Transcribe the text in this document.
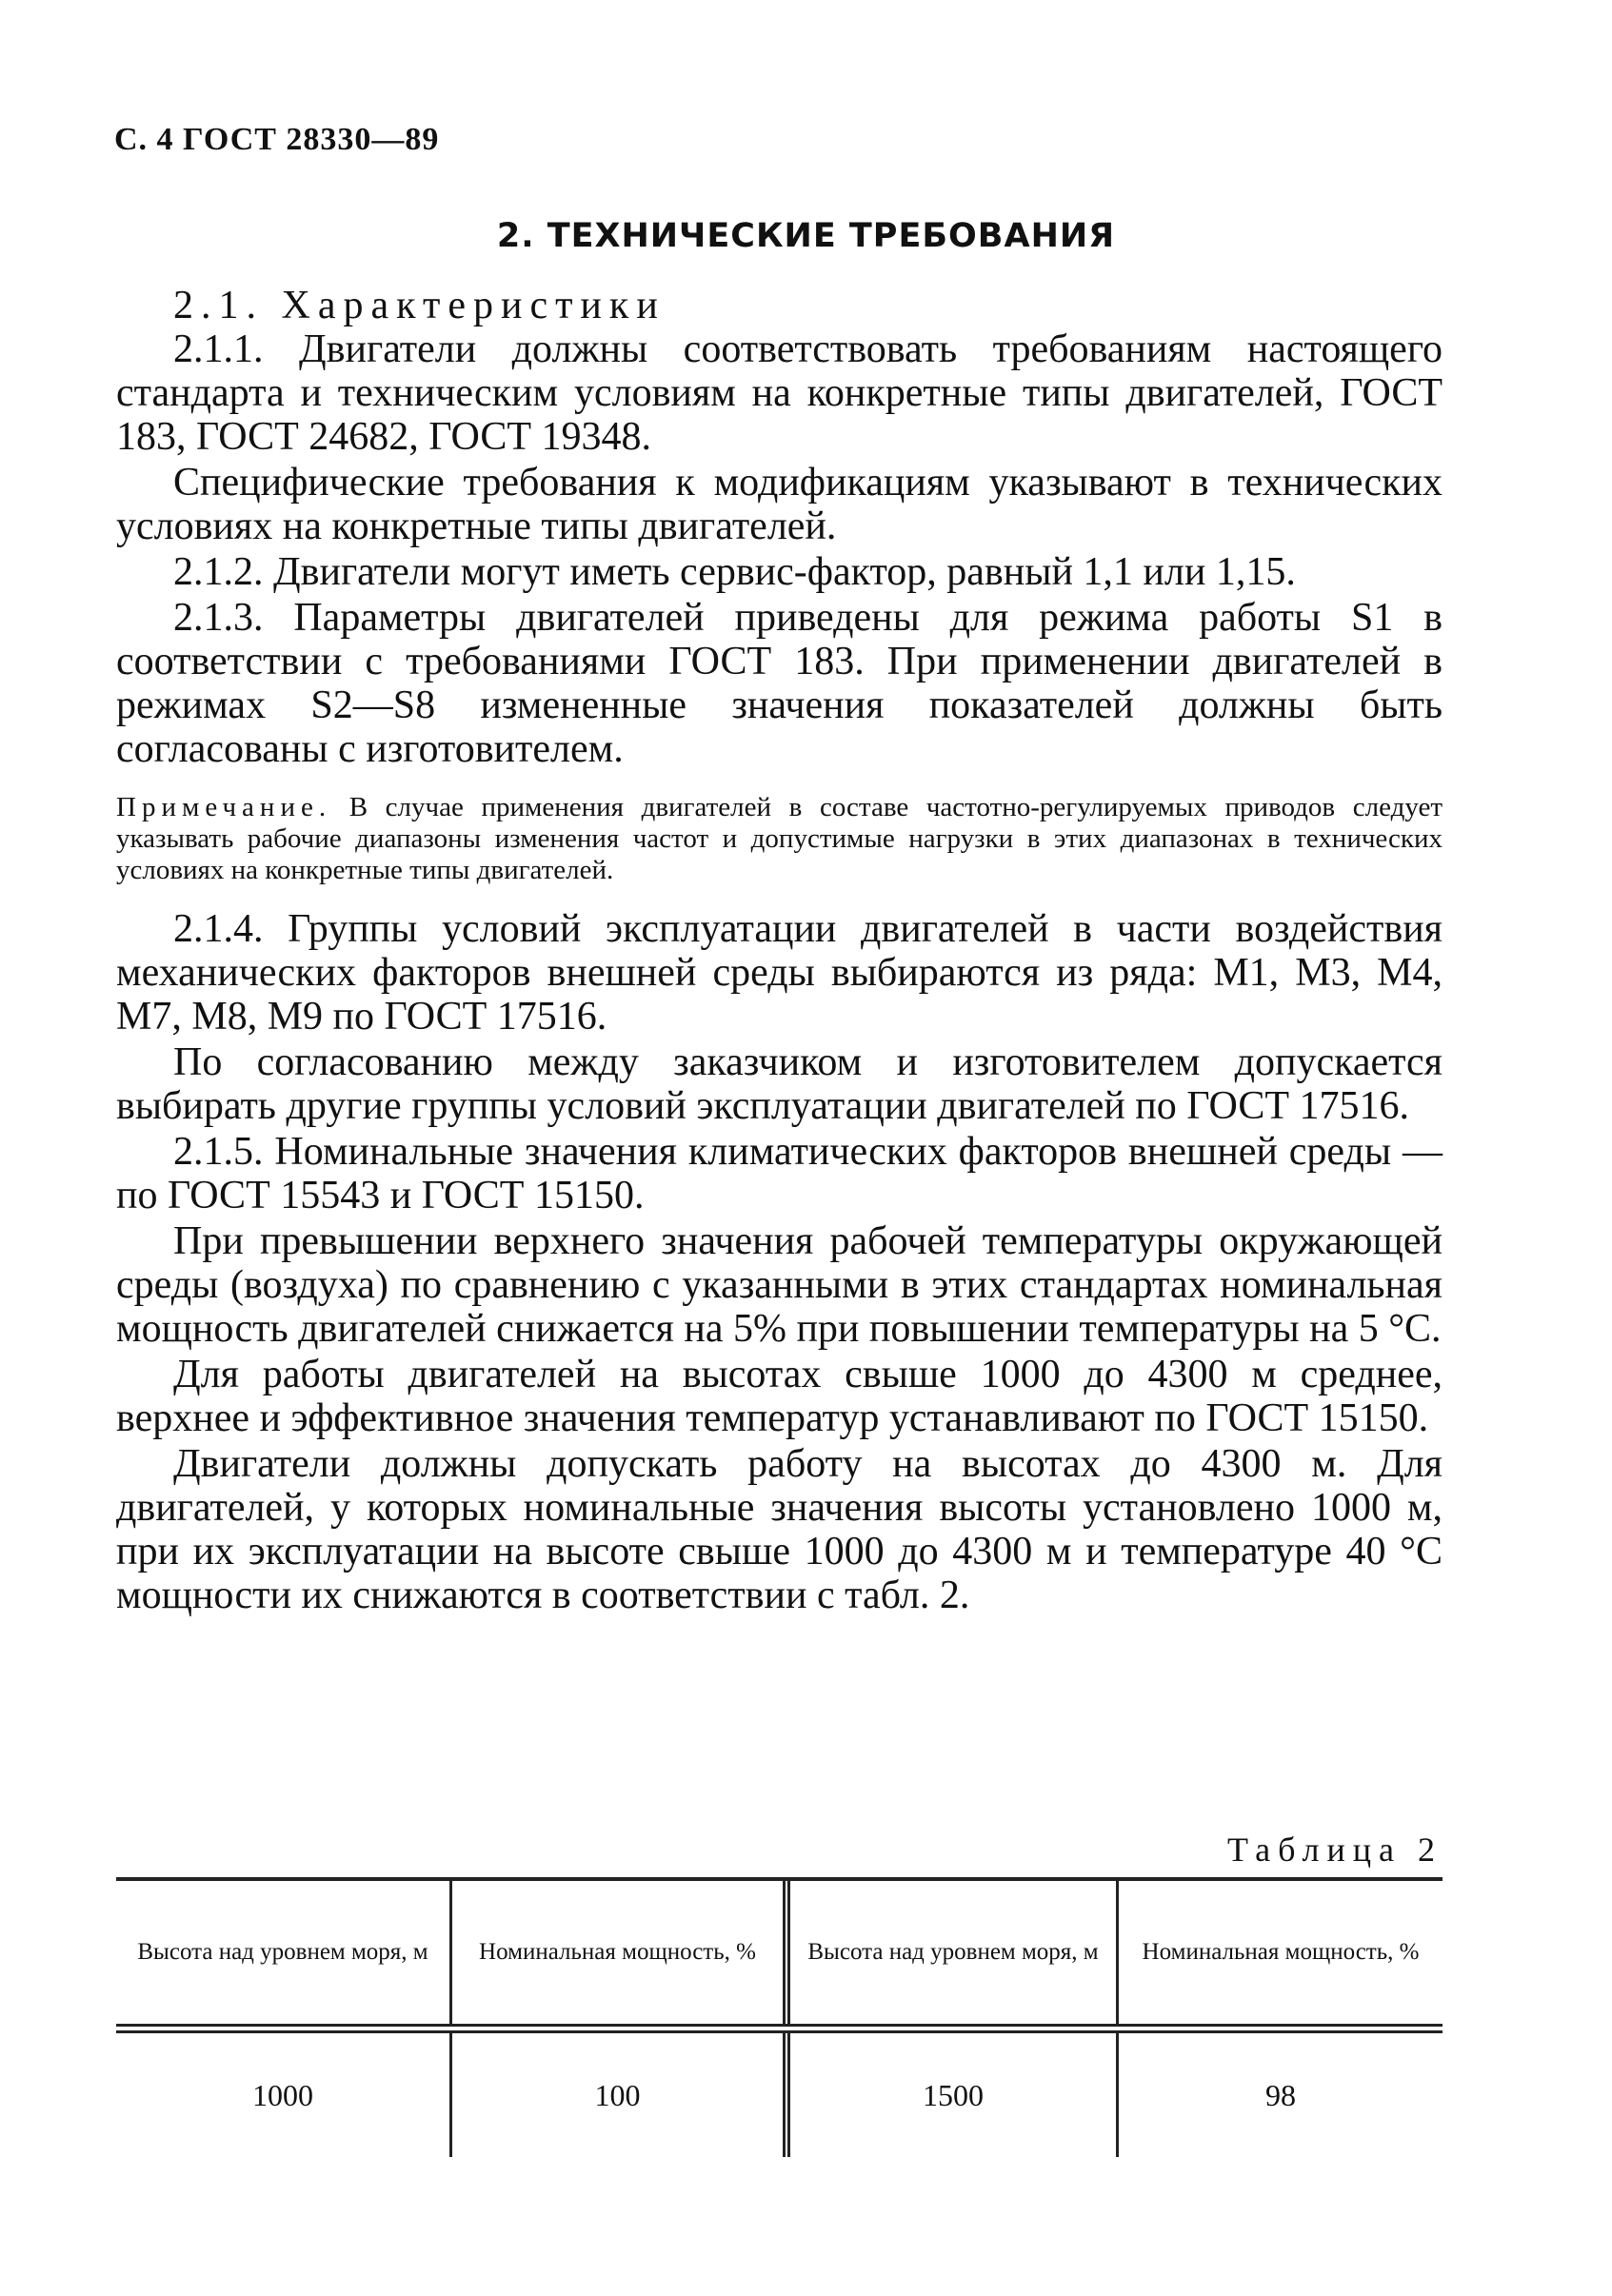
С. 4 ГОСТ 28330—89
2. ТЕХНИЧЕСКИЕ ТРЕБОВАНИЯ

2.1. Характеристики

2.1.1. Двигатели должны соответствовать требованиям настоящего стандарта и техническим условиям на конкретные типы двигателей, ГОСТ 183, ГОСТ 24682, ГОСТ 19348.

Специфические требования к модификациям указывают в технических условиях на конкретные типы двигателей.

2.1.2. Двигатели могут иметь сервис-фактор, равный 1,1 или 1,15.

2.1.3. Параметры двигателей приведены для режима работы S1 в соответствии с требованиями ГОСТ 183. При применении двигателей в режимах S2—S8 измененные значения показателей должны быть согласованы с изготовителем.

Примечание. В случае применения двигателей в составе частотно-регулируемых приводов следует указывать рабочие диапазоны изменения частот и допустимые нагрузки в этих диапазонах в технических условиях на конкретные типы двигателей.

2.1.4. Группы условий эксплуатации двигателей в части воздействия механических факторов внешней среды выбираются из ряда: M1, M3, M4, M7, M8, M9 по ГОСТ 17516.

По согласованию между заказчиком и изготовителем допускается выбирать другие группы условий эксплуатации двигателей по ГОСТ 17516.

2.1.5. Номинальные значения климатических факторов внешней среды — по ГОСТ 15543 и ГОСТ 15150.

При превышении верхнего значения рабочей температуры окружающей среды (воздуха) по сравнению с указанными в этих стандартах номинальная мощность двигателей снижается на 5% при повышении температуры на 5 °С.

Для работы двигателей на высотах свыше 1000 до 4300 м среднее, верхнее и эффективное значения температур устанавливают по ГОСТ 15150.

Двигатели должны допускать работу на высотах до 4300 м. Для двигателей, у которых номинальные значения высоты установлено 1000 м, при их эксплуатации на высоте свыше 1000 до 4300 м и температуре 40 °С мощности их снижаются в соответствии с табл. 2.

Таблица 2
Высота над уровнем моря, м	Номинальная мощность, %	Высота над уровнем моря, м	Номинальная мощность, %
1000	100	1500	98
